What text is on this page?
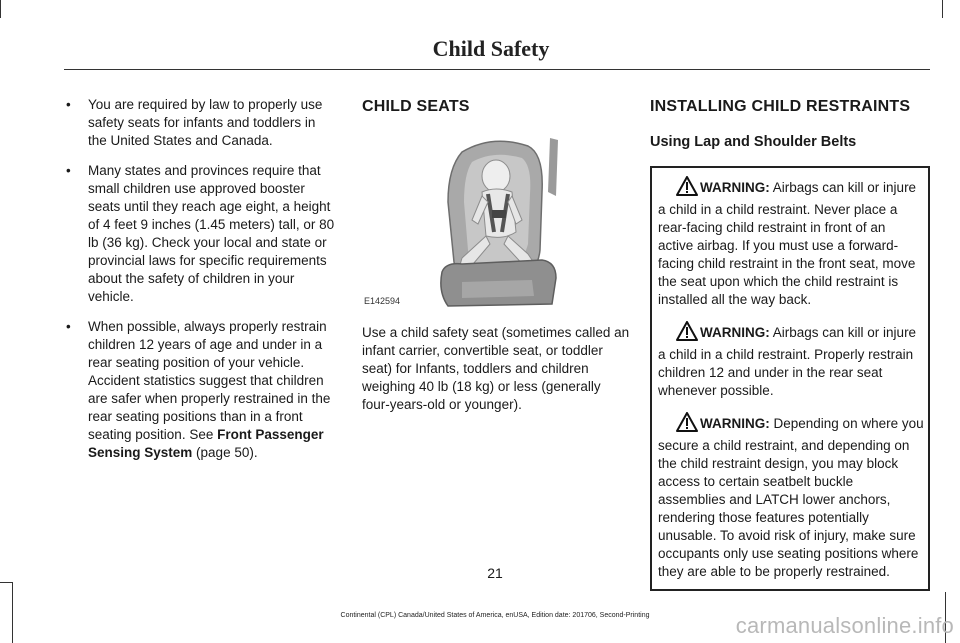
Child Safety
• You are required by law to properly use safety seats for infants and toddlers in the United States and Canada.
• Many states and provinces require that small children use approved booster seats until they reach age eight, a height of 4 feet 9 inches (1.45 meters) tall, or 80 lb (36 kg). Check your local and state or provincial laws for specific requirements about the safety of children in your vehicle.
• When possible, always properly restrain children 12 years of age and under in a rear seating position of your vehicle. Accident statistics suggest that children are safer when properly restrained in the rear seating positions than in a front seating position. See Front Passenger Sensing System (page 50).
CHILD SEATS
E142594

Use a child safety seat (sometimes called an infant carrier, convertible seat, or toddler seat) for Infants, toddlers and children weighing 40 lb (18 kg) or less (generally four-years-old or younger).

INSTALLING CHILD RESTRAINTS
Using Lap and Shoulder Belts
WARNING: Airbags can kill or injure a child in a child restraint. Never place a rear-facing child restraint in front of an active airbag. If you must use a forward-facing child restraint in the front seat, move the seat upon which the child restraint is installed all the way back.
WARNING: Airbags can kill or injure a child in a child restraint. Properly restrain children 12 and under in the rear seat whenever possible.
WARNING: Depending on where you secure a child restraint, and depending on the child restraint design, you may block access to certain seatbelt buckle assemblies and LATCH lower anchors, rendering those features potentially unusable. To avoid risk of injury, make sure occupants only use seating positions where they are able to be properly restrained.
21
Continental (CPL) Canada/United States of America, enUSA, Edition date: 201706, Second-Printing	carmanualsonline.info
